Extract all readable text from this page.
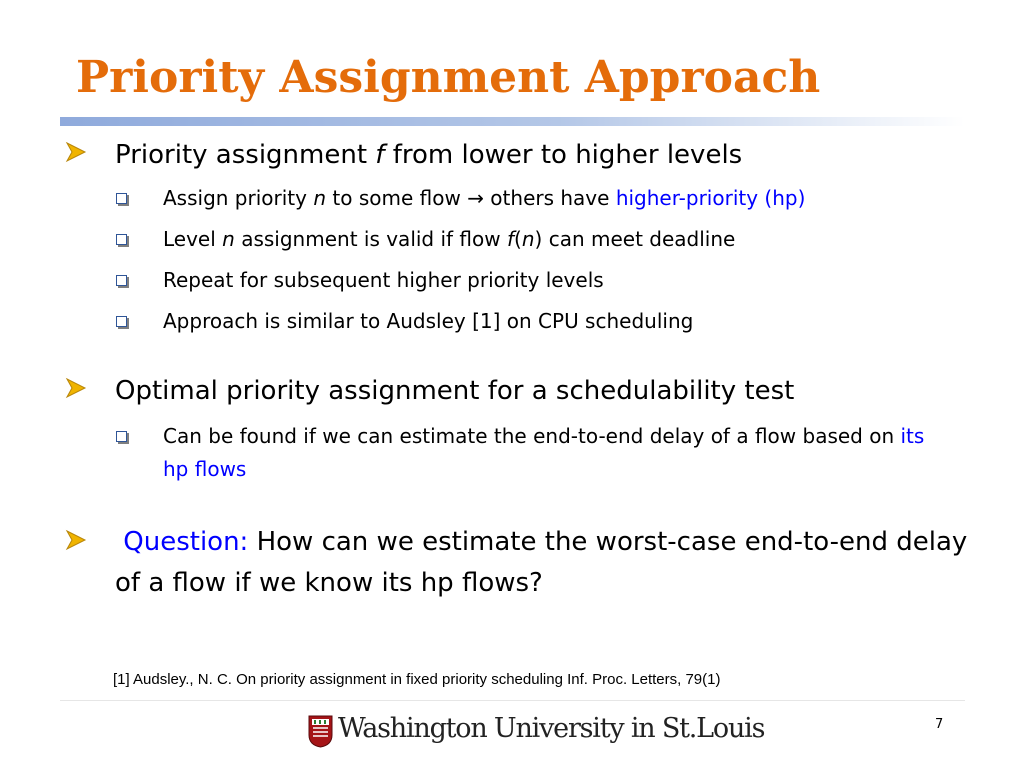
Priority Assignment Approach
Priority assignment f from lower to higher levels
Assign priority n to some flow → others have higher-priority (hp)
Level n assignment is valid if flow f(n) can meet deadline
Repeat for subsequent higher priority levels
Approach is similar to Audsley [1] on CPU scheduling
Optimal priority assignment for a schedulability test
Can be found if we can estimate the end-to-end delay of a flow based on its hp flows
Question: How can we estimate the worst-case end-to-end delay of a flow if we know its hp flows?
[1] Audsley., N. C. On priority assignment in fixed priority scheduling Inf. Proc. Letters, 79(1)
Washington University in St.Louis	7
